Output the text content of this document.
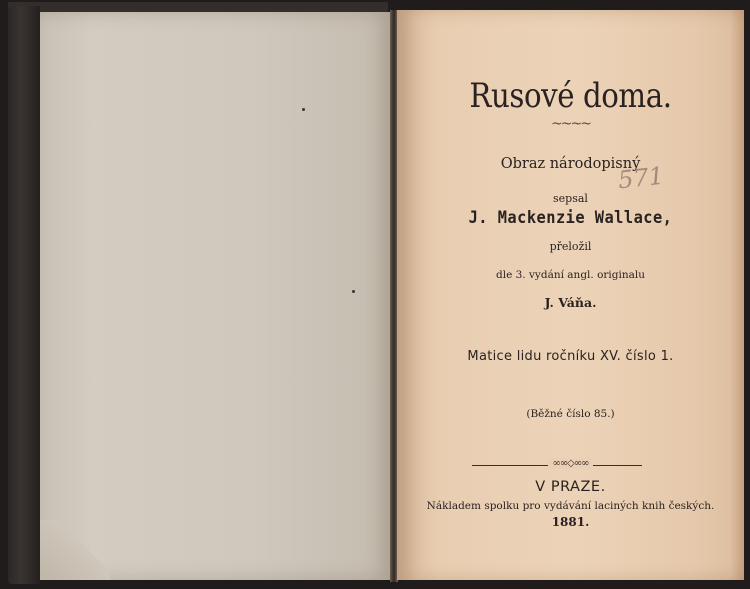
Rusové doma.
~~~~
Obraz národopisný
sepsal
J. Mackenzie Wallace,
přeložil
dle 3. vydání angl. originalu
J. Váňa.
Matice lidu ročníku XV. číslo 1.
(Běžné číslo 85.)
∞∞◇∞∞
V PRAZE.
Nákladem spolku pro vydávání laciných knih českých.
1881.
571
